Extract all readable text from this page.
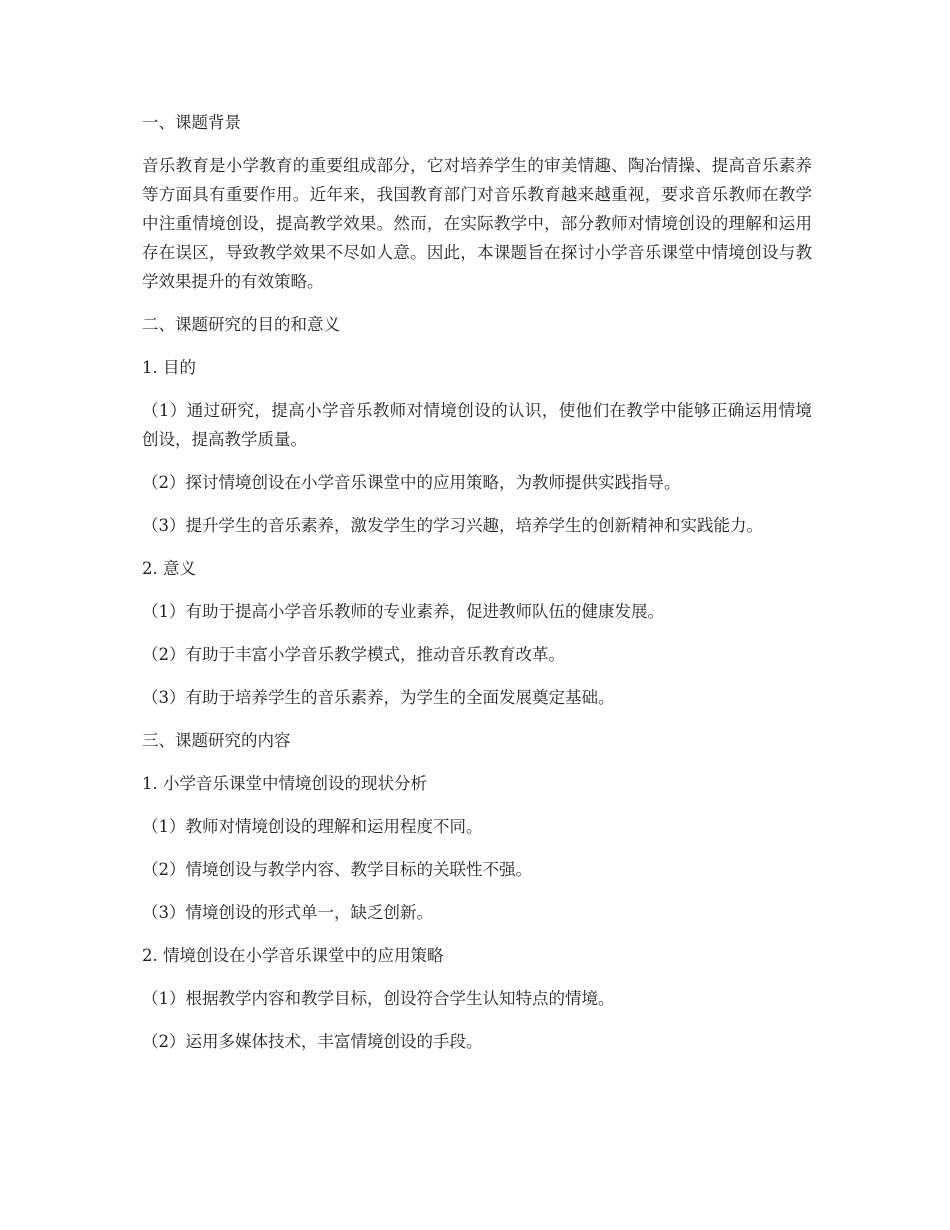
一、课题背景

音乐教育是小学教育的重要组成部分，它对培养学生的审美情趣、陶冶情操、提高音乐素养等方面具有重要作用。近年来，我国教育部门对音乐教育越来越重视，要求音乐教师在教学中注重情境创设，提高教学效果。然而，在实际教学中，部分教师对情境创设的理解和运用存在误区，导致教学效果不尽如人意。因此，本课题旨在探讨小学音乐课堂中情境创设与教学效果提升的有效策略。

二、课题研究的目的和意义

1. 目的

（1）通过研究，提高小学音乐教师对情境创设的认识，使他们在教学中能够正确运用情境创设，提高教学质量。

（2）探讨情境创设在小学音乐课堂中的应用策略，为教师提供实践指导。

（3）提升学生的音乐素养，激发学生的学习兴趣，培养学生的创新精神和实践能力。

2. 意义

（1）有助于提高小学音乐教师的专业素养，促进教师队伍的健康发展。

（2）有助于丰富小学音乐教学模式，推动音乐教育改革。

（3）有助于培养学生的音乐素养，为学生的全面发展奠定基础。

三、课题研究的内容

1. 小学音乐课堂中情境创设的现状分析

（1）教师对情境创设的理解和运用程度不同。

（2）情境创设与教学内容、教学目标的关联性不强。

（3）情境创设的形式单一，缺乏创新。

2. 情境创设在小学音乐课堂中的应用策略

（1）根据教学内容和教学目标，创设符合学生认知特点的情境。

（2）运用多媒体技术，丰富情境创设的手段。
